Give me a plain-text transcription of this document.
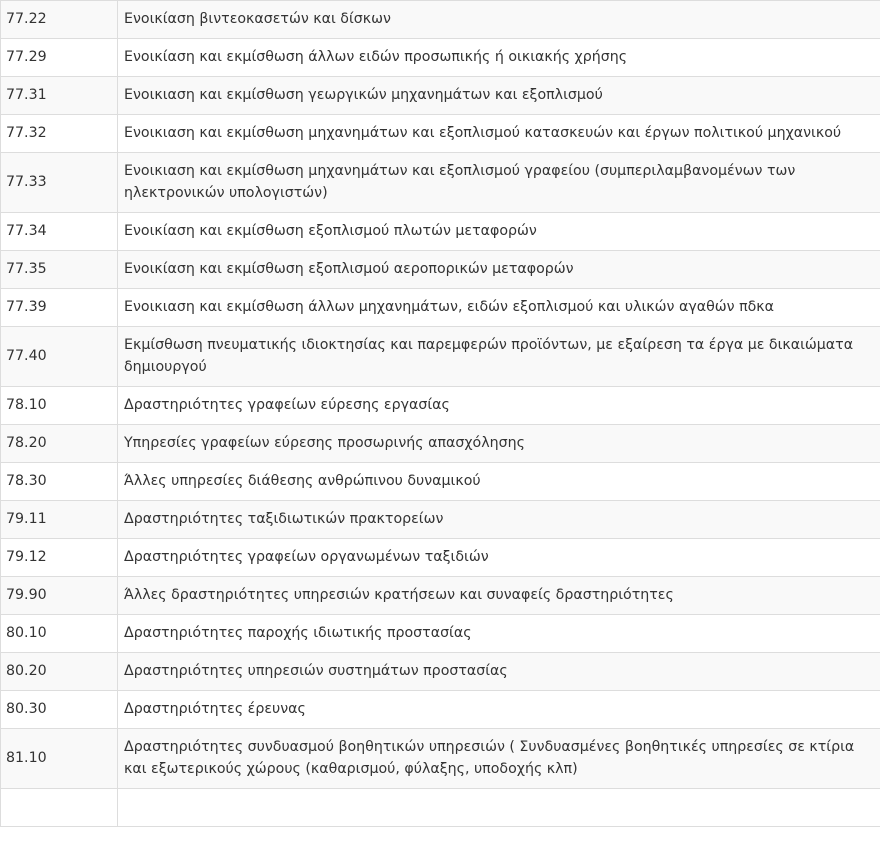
77.22	Ενοικίαση βιντεοκασετών και δίσκων
77.29	Ενοικίαση και εκμίσθωση άλλων ειδών προσωπικής ή οικιακής χρήσης
77.31	Ενοικιαση και εκμίσθωση γεωργικών μηχανημάτων και εξοπλισμού
77.32	Ενοικιαση και εκμίσθωση μηχανημάτων και εξοπλισμού κατασκευών και έργων πολιτικού μηχανικού
77.33	Ενοικιαση και εκμίσθωση μηχανημάτων και εξοπλισμού γραφείου (συμπεριλαμβανομένων των ηλεκτρονικών υπολογιστών)
77.34	Ενοικίαση και εκμίσθωση εξοπλισμού πλωτών μεταφορών
77.35	Ενοικίαση και εκμίσθωση εξοπλισμού αεροπορικών μεταφορών
77.39	Ενοικιαση και εκμίσθωση άλλων μηχανημάτων, ειδών εξοπλισμού και υλικών αγαθών πδκα
77.40	Εκμίσθωση πνευματικής ιδιοκτησίας και παρεμφερών προϊόντων, με εξαίρεση τα έργα με δικαιώματα δημιουργού
78.10	Δραστηριότητες γραφείων εύρεσης εργασίας
78.20	Υπηρεσίες γραφείων εύρεσης προσωρινής απασχόλησης
78.30	Άλλες υπηρεσίες διάθεσης ανθρώπινου δυναμικού
79.11	Δραστηριότητες ταξιδιωτικών πρακτορείων
79.12	Δραστηριότητες γραφείων οργανωμένων ταξιδιών
79.90	Άλλες δραστηριότητες υπηρεσιών κρατήσεων και συναφείς δραστηριότητες
80.10	Δραστηριότητες παροχής ιδιωτικής προστασίας
80.20	Δραστηριότητες υπηρεσιών συστημάτων προστασίας
80.30	Δραστηριότητες έρευνας
81.10	Δραστηριότητες συνδυασμού βοηθητικών υπηρεσιών ( Συνδυασμένες βοηθητικές υπηρεσίες σε κτίρια και εξωτερικούς χώρους (καθαρισμού, φύλαξης, υποδοχής κλπ)
